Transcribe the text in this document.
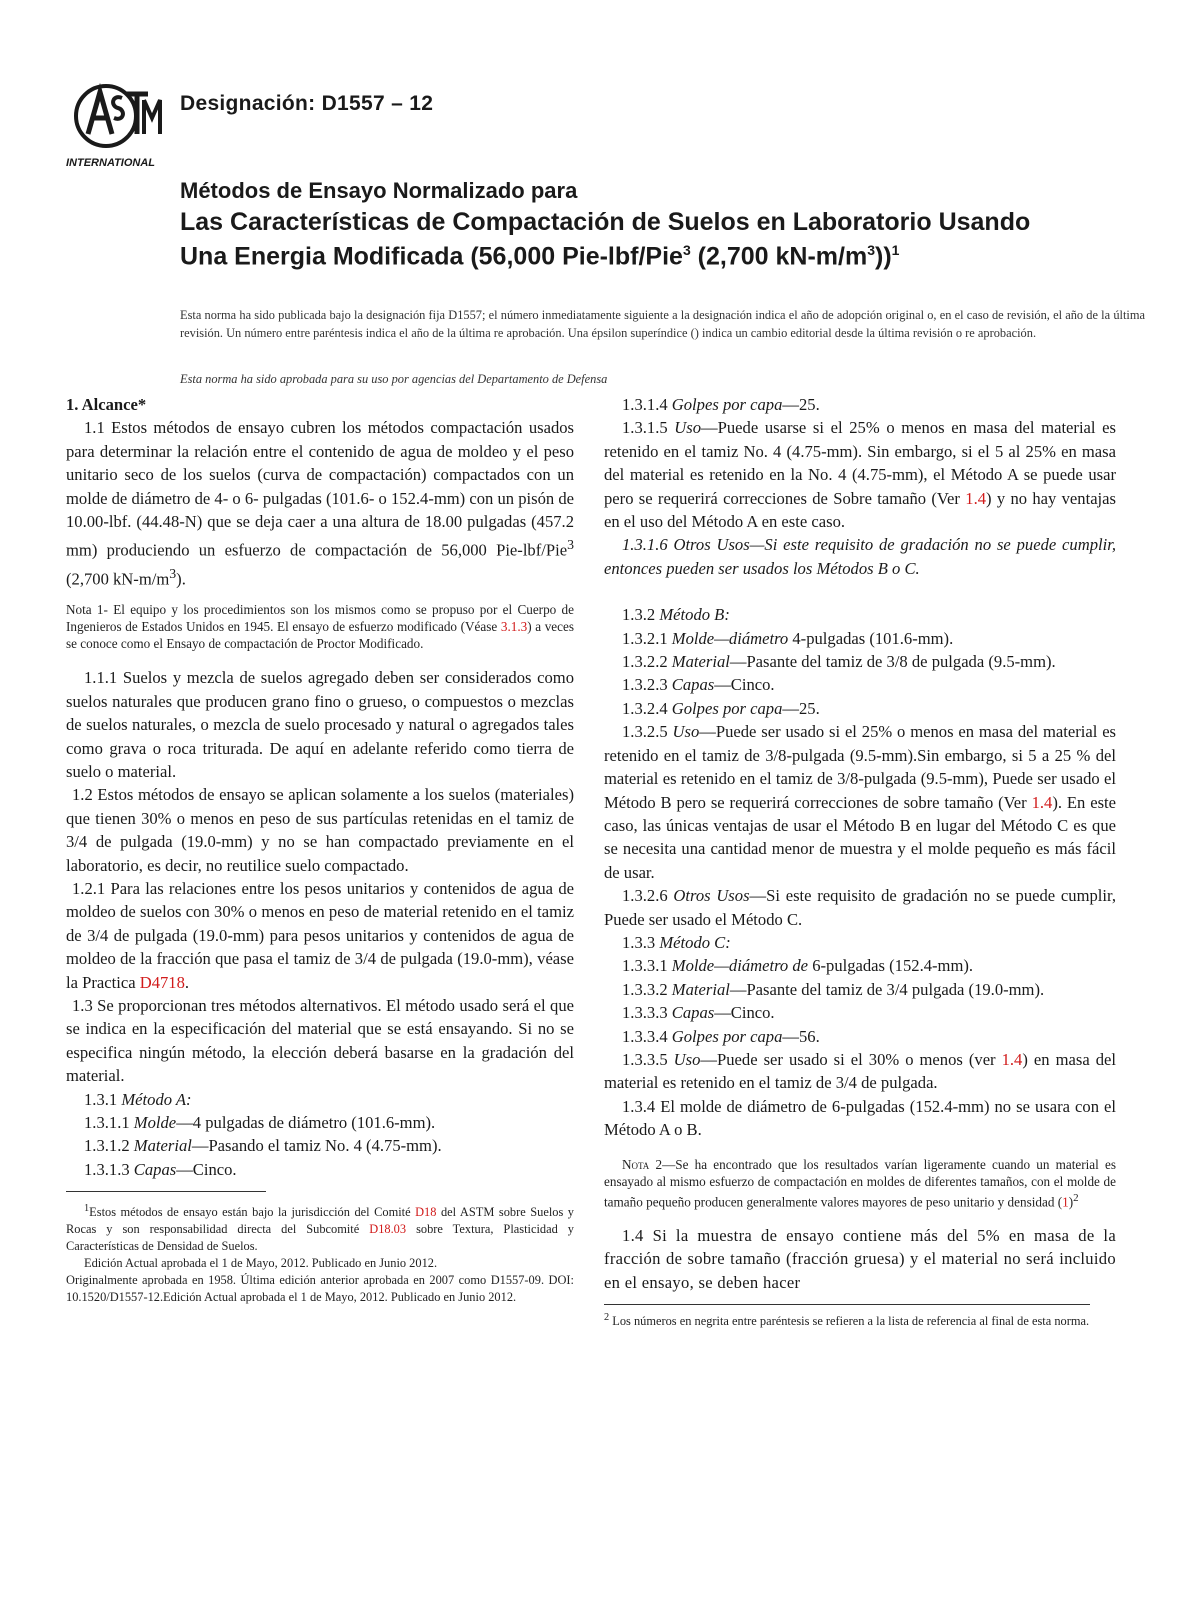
INTERNATIONAL
Designación: D1557 – 12
Métodos de Ensayo Normalizado para
Las Características de Compactación de Suelos en Laboratorio Usando
Una Energia Modificada (56,000 Pie-lbf/Pie$^3$ (2,700 $kN-m/m^3))^1$
Esta norma ha sido publicada bajo la designación fija D1557; el número inmediatamente siguiente a la designación indica el año de adopción original o, en el caso de revisión, el año de la última revisión. Un número entre paréntesis indica el año de la última re aprobación. Una épsilon superíndice () indica un cambio editorial desde la última revisión o re aprobación.
Esta norma ha sido aprobada para su uso por agencias del Departamento de Defensa

1. Alcance*

1.1 Estos métodos de ensayo cubren los métodos compactación usados para determinar la relación entre el contenido de agua de moldeo y el peso unitario seco de los suelos (curva de compactación) compactados con un molde de diámetro de 4- o 6- pulgadas (101.6- o 152.4-mm) con un pisón de 10.00-lbf. (44.48-N) que se deja caer a una altura de 18.00 pulgadas (457.2 mm) produciendo un esfuerzo de compactación de 56,000 Pie-lbf/Pie$^3$ (2,700 $kN-m/m^3$).

Nota 1- El equipo y los procedimientos son los mismos como se propuso por el Cuerpo de Ingenieros de Estados Unidos en 1945. El ensayo de esfuerzo modificado (Véase 3.1.3) a veces se conoce como el Ensayo de compactación de Proctor Modificado.

1.1.1 Suelos y mezcla de suelos agregado deben ser considerados como suelos naturales que producen grano fino o grueso, o compuestos o mezclas de suelos naturales, o mezcla de suelo procesado y natural o agregados tales como grava o roca triturada. De aquí en adelante referido como tierra de suelo o material.

1.2 Estos métodos de ensayo se aplican solamente a los suelos (materiales) que tienen 30% o menos en peso de sus partículas retenidas en el tamiz de 3/4 de pulgada (19.0-mm) y no se han compactado previamente en el laboratorio, es decir, no reutilice suelo compactado.

1.2.1 Para las relaciones entre los pesos unitarios y contenidos de agua de moldeo de suelos con 30% o menos en peso de material retenido en el tamiz de 3/4 de pulgada (19.0-mm) para pesos unitarios y contenidos de agua de moldeo de la fracción que pasa el tamiz de 3/4 de pulgada (19.0-mm), véase la Practica D4718.

1.3 Se proporcionan tres métodos alternativos. El método usado será el que se indica en la especificación del material que se está ensayando. Si no se especifica ningún método, la elección deberá basarse en la gradación del material.

1.3.1 Método A:

1.3.1.1 Molde—4 pulgadas de diámetro (101.6-mm).

1.3.1.2 Material—Pasando el tamiz No. 4 (4.75-mm).

1.3.1.3 Capas—Cinco.

$^1$Estos métodos de ensayo están bajo la jurisdicción del Comité D18 del ASTM sobre Suelos y Rocas y son responsabilidad directa del Subcomité D18.03 sobre Textura, Plasticidad y Características de Densidad de Suelos.

Edición Actual aprobada el 1 de Mayo, 2012. Publicado en Junio 2012.

Originalmente aprobada en 1958. Última edición anterior aprobada en 2007 como D1557-09. DOI: 10.1520/D1557-12.Edición Actual aprobada el 1 de Mayo, 2012. Publicado en Junio 2012.

1.3.1.4 Golpes por capa—25.

1.3.1.5 Uso—Puede usarse si el 25% o menos en masa del material es retenido en el tamiz No. 4 (4.75-mm). Sin embargo, si el 5 al 25% en masa del material es retenido en la No. 4 (4.75-mm), el Método A se puede usar pero se requerirá correcciones de Sobre tamaño (Ver 1.4) y no hay ventajas en el uso del Método A en este caso.

1.3.1.6 Otros Usos—Si este requisito de gradación no se puede cumplir, entonces pueden ser usados los Métodos B o C.

1.3.2 Método B:

1.3.2.1 Molde—diámetro 4-pulgadas (101.6-mm).

1.3.2.2 Material—Pasante del tamiz de 3/8 de pulgada (9.5-mm).

1.3.2.3 Capas—Cinco.

1.3.2.4 Golpes por capa—25.

1.3.2.5 Uso—Puede ser usado si el 25% o menos en masa del material es retenido en el tamiz de 3/8-pulgada (9.5-mm).Sin embargo, si 5 a 25 % del material es retenido en el tamiz de 3/8-pulgada (9.5-mm), Puede ser usado el Método B pero se requerirá correcciones de sobre tamaño (Ver 1.4). En este caso, las únicas ventajas de usar el Método B en lugar del Método C es que se necesita una cantidad menor de muestra y el molde pequeño es más fácil de usar.

1.3.2.6 Otros Usos—Si este requisito de gradación no se puede cumplir, Puede ser usado el Método C.

1.3.3 Método C:

1.3.3.1 Molde—diámetro de 6-pulgadas (152.4-mm).

1.3.3.2 Material—Pasante del tamiz de 3/4 pulgada (19.0-mm).

1.3.3.3 Capas—Cinco.

1.3.3.4 Golpes por capa—56.

1.3.3.5 Uso—Puede ser usado si el 30% o menos (ver 1.4) en masa del material es retenido en el tamiz de 3/4 de pulgada.

1.3.4 El molde de diámetro de 6-pulgadas (152.4-mm) no se usara con el Método A o B.

Nota 2—Se ha encontrado que los resultados varían ligeramente cuando un material es ensayado al mismo esfuerzo de compactación en moldes de diferentes tamaños, con el molde de tamaño pequeño producen generalmente valores mayores de peso unitario y densidad $(1)^2$

1.4 Si la muestra de ensayo contiene más del 5% en masa de la fracción de sobre tamaño (fracción gruesa) y el material no será incluido en el ensayo, se deben hacer

$^2$ Los números en negrita entre paréntesis se refieren a la lista de referencia al final de esta norma.
